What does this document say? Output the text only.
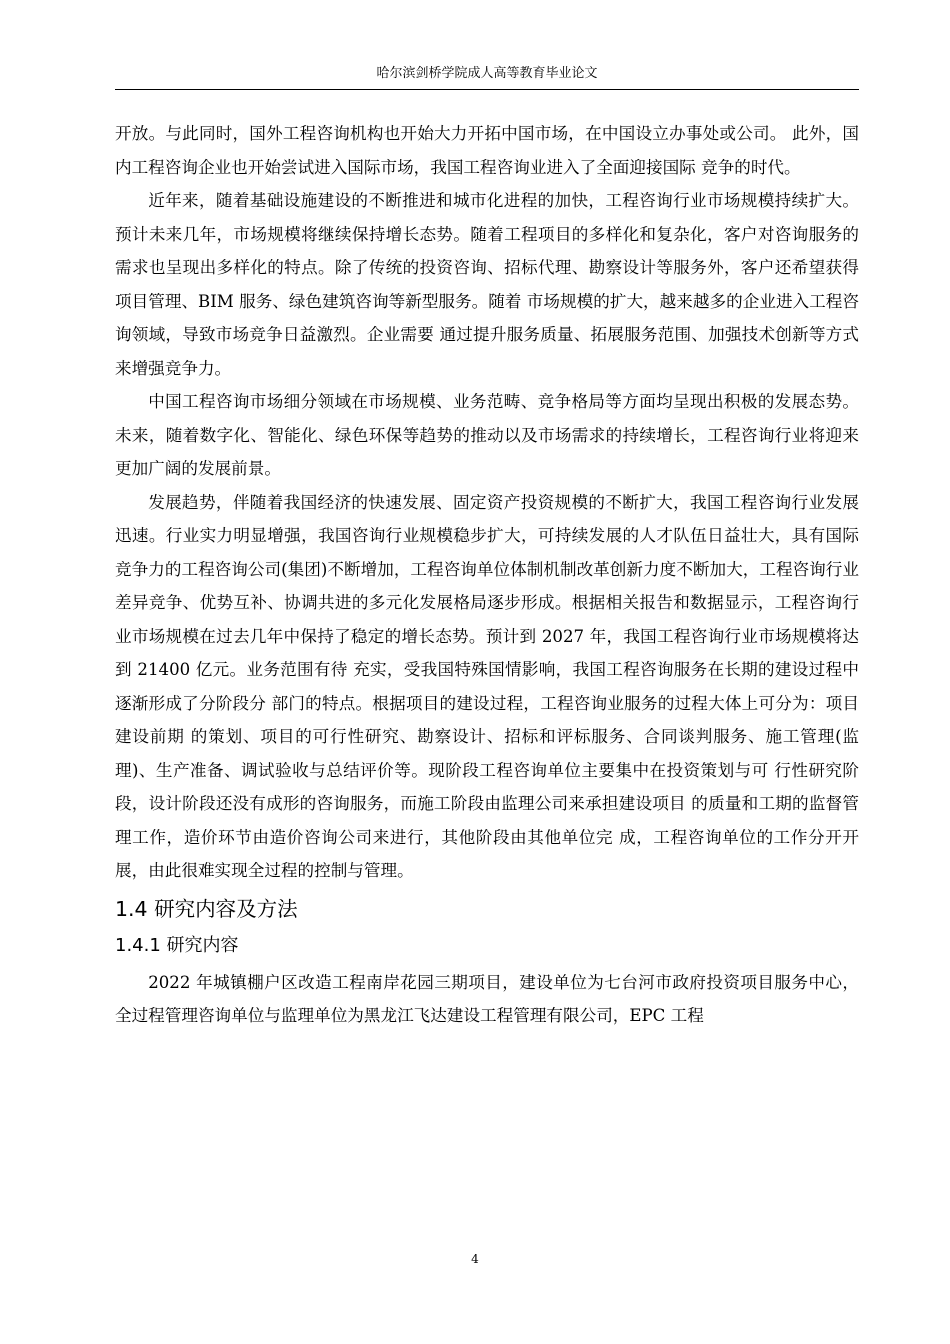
哈尔滨剑桥学院成人高等教育毕业论文

开放。与此同时，国外工程咨询机构也开始大力开拓中国市场，在中国设立办事处或公司。 此外，国内工程咨询企业也开始尝试进入国际市场，我国工程咨询业进入了全面迎接国际 竞争的时代。

近年来，随着基础设施建设的不断推进和城市化进程的加快，工程咨询行业市场规模持续扩大。预计未来几年，市场规模将继续保持增长态势。随着工程项目的多样化和复杂化，客户对咨询服务的需求也呈现出多样化的特点。除了传统的投资咨询、招标代理、勘察设计等服务外，客户还希望获得项目管理、BIM 服务、绿色建筑咨询等新型服务。随着 市场规模的扩大，越来越多的企业进入工程咨询领域，导致市场竞争日益激烈。企业需要 通过提升服务质量、拓展服务范围、加强技术创新等方式来增强竞争力。

中国工程咨询市场细分领域在市场规模、业务范畴、竞争格局等方面均呈现出积极的发展态势。未来，随着数字化、智能化、绿色环保等趋势的推动以及市场需求的持续增长，工程咨询行业将迎来更加广阔的发展前景。

发展趋势，伴随着我国经济的快速发展、固定资产投资规模的不断扩大，我国工程咨询行业发展迅速。行业实力明显增强，我国咨询行业规模稳步扩大，可持续发展的人才队伍日益壮大，具有国际竞争力的工程咨询公司(集团)不断增加，工程咨询单位体制机制改革创新力度不断加大，工程咨询行业差异竞争、优势互补、协调共进的多元化发展格局逐步形成。根据相关报告和数据显示，工程咨询行业市场规模在过去几年中保持了稳定的增长态势。预计到 2027 年，我国工程咨询行业市场规模将达到 21400 亿元。业务范围有待 充实，受我国特殊国情影响，我国工程咨询服务在长期的建设过程中逐渐形成了分阶段分 部门的特点。根据项目的建设过程，工程咨询业服务的过程大体上可分为：项目建设前期 的策划、项目的可行性研究、勘察设计、招标和评标服务、合同谈判服务、施工管理(监 理)、生产准备、调试验收与总结评价等。现阶段工程咨询单位主要集中在投资策划与可 行性研究阶段，设计阶段还没有成形的咨询服务，而施工阶段由监理公司来承担建设项目 的质量和工期的监督管理工作，造价环节由造价咨询公司来进行，其他阶段由其他单位完 成，工程咨询单位的工作分开开展，由此很难实现全过程的控制与管理。

1.4 研究内容及方法
1.4.1 研究内容

2022 年城镇棚户区改造工程南岸花园三期项目，建设单位为七台河市政府投资项目服务中心，全过程管理咨询单位与监理单位为黑龙江飞达建设工程管理有限公司，EPC 工程

4
